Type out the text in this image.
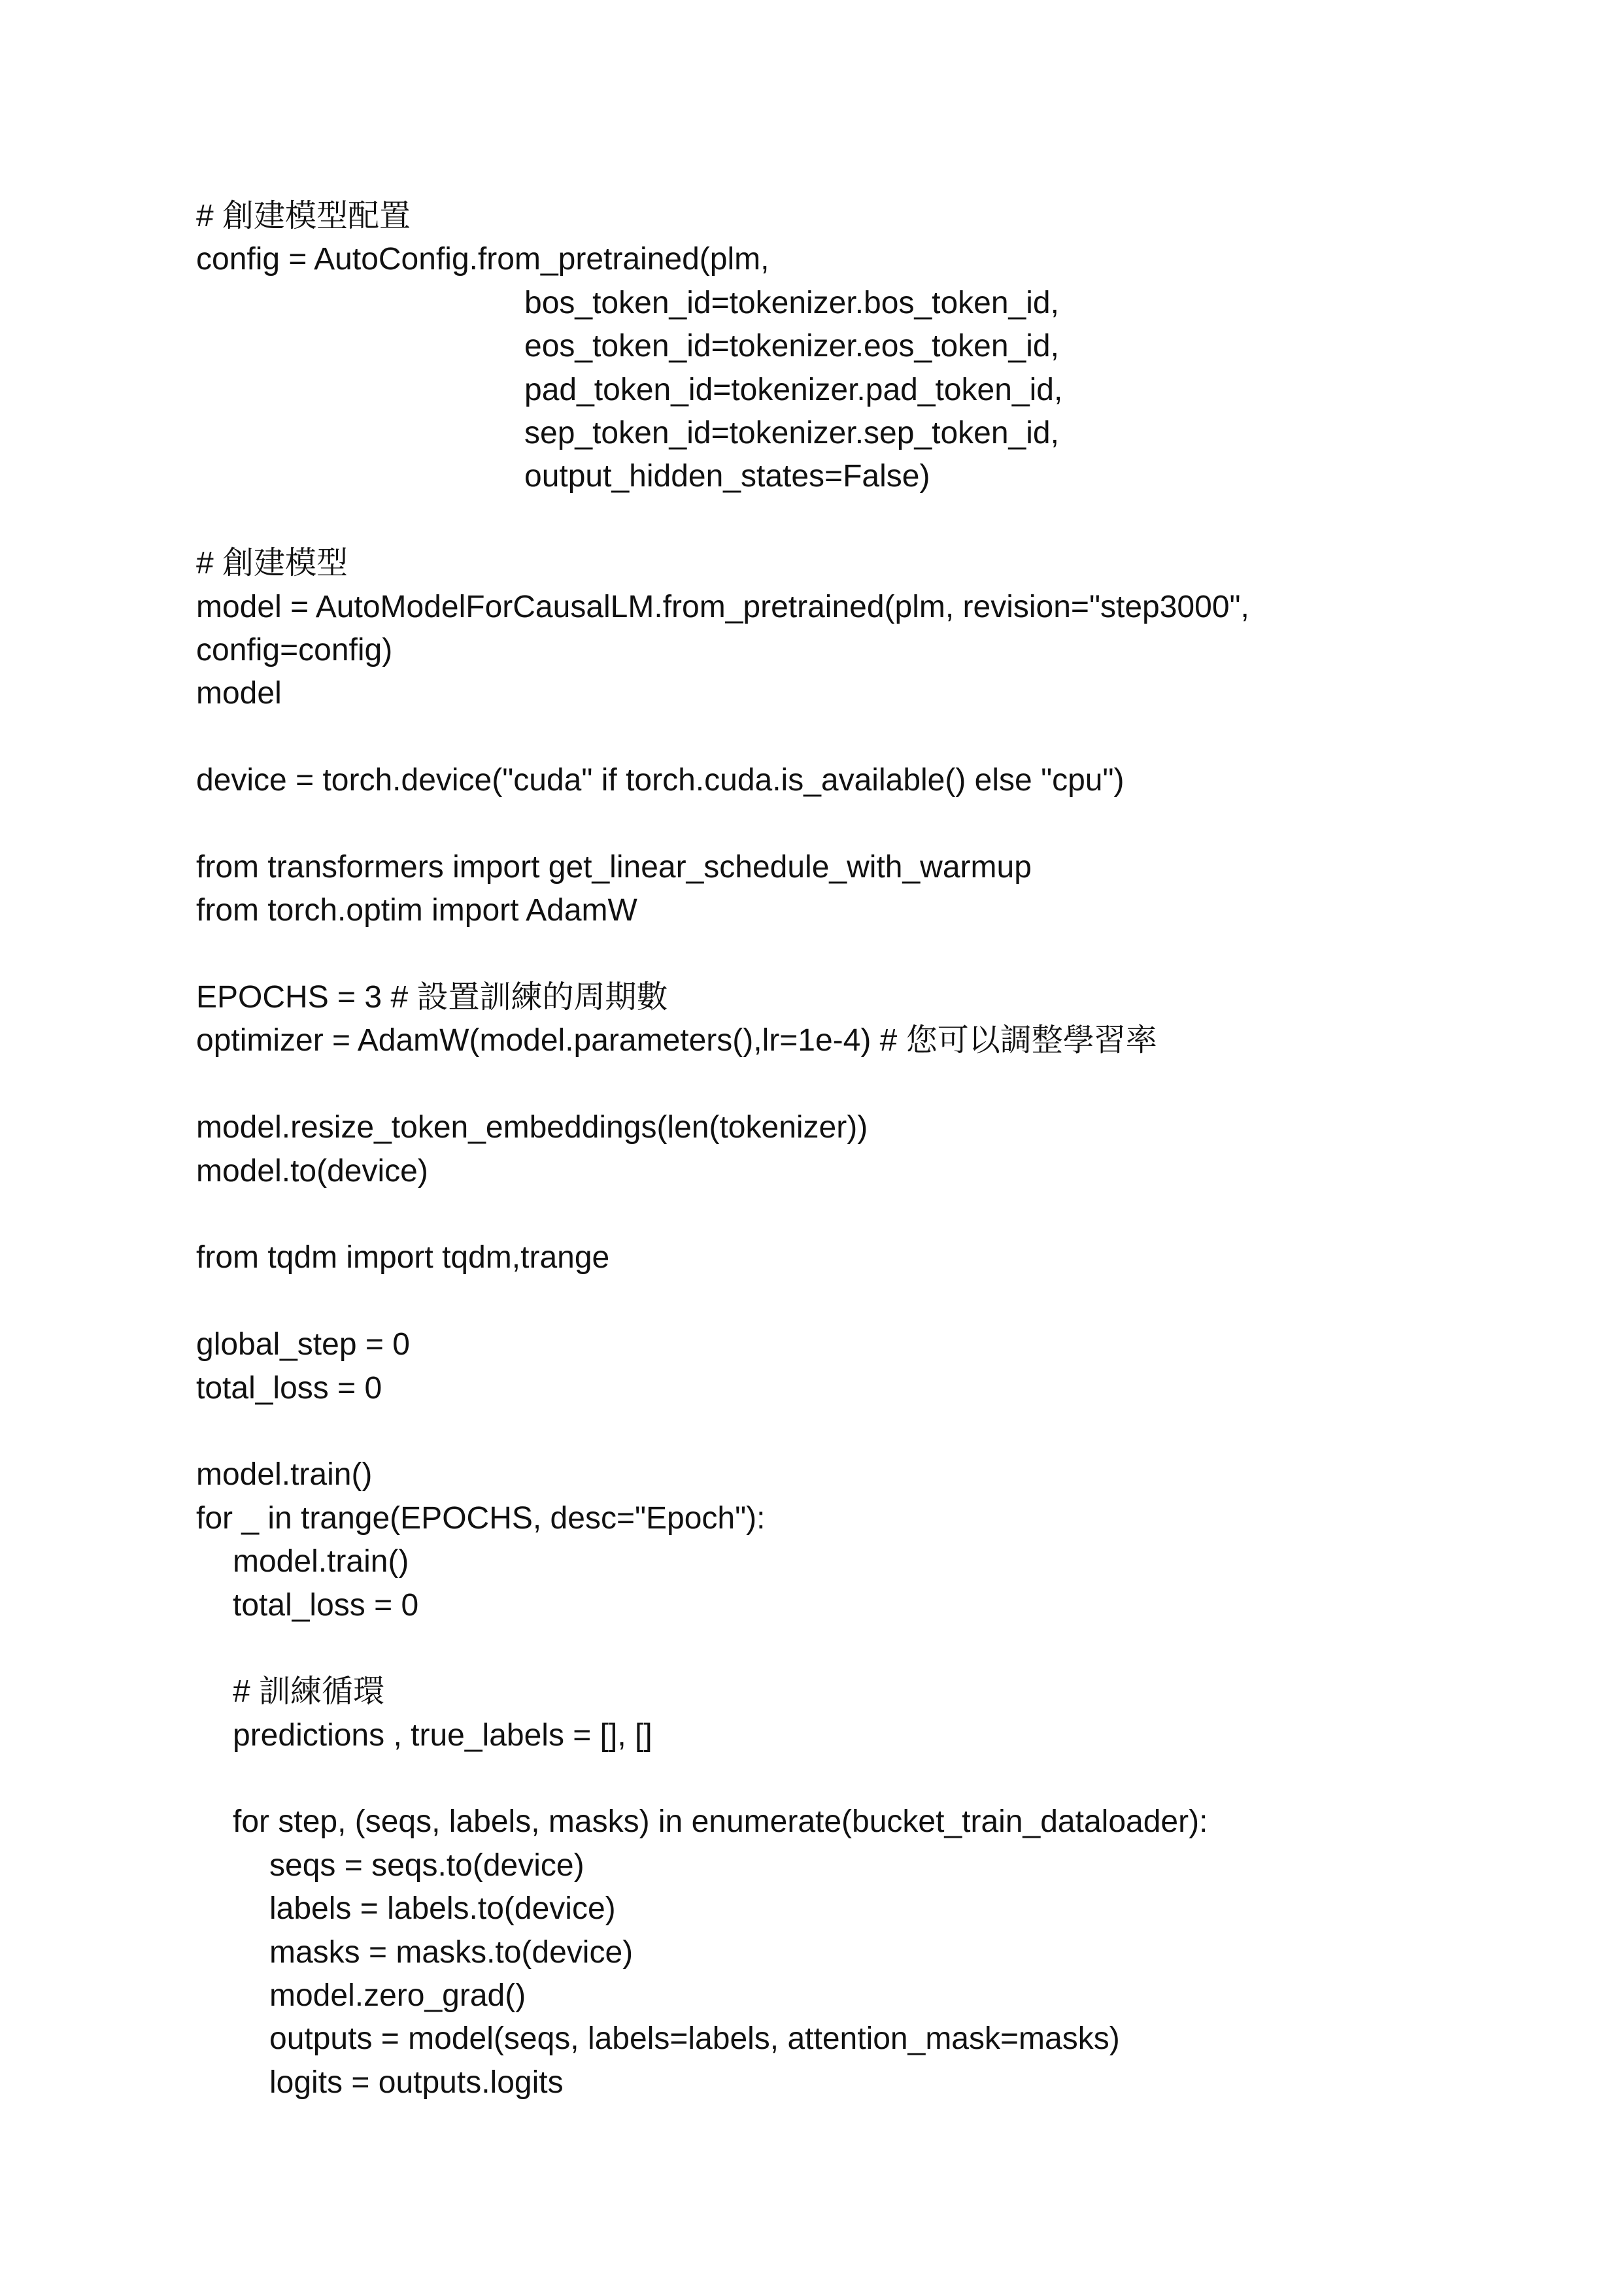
# 創建模型配置
config = AutoConfig.from_pretrained(plm,
bos_token_id=tokenizer.bos_token_id,
eos_token_id=tokenizer.eos_token_id,
pad_token_id=tokenizer.pad_token_id,
sep_token_id=tokenizer.sep_token_id,
output_hidden_states=False)
# 創建模型
model = AutoModelForCausalLM.from_pretrained(plm, revision="step3000",
config=config)
model
device = torch.device("cuda" if torch.cuda.is_available() else "cpu")
from transformers import get_linear_schedule_with_warmup
from torch.optim import AdamW
EPOCHS = 3 # 設置訓練的周期數
optimizer = AdamW(model.parameters(),lr=1e-4) # 您可以調整學習率
model.resize_token_embeddings(len(tokenizer))
model.to(device)
from tqdm import tqdm,trange
global_step = 0
total_loss = 0
model.train()
for _ in trange(EPOCHS, desc="Epoch"):
model.train()
total_loss = 0
# 訓練循環
predictions , true_labels = [], []
for step, (seqs, labels, masks) in enumerate(bucket_train_dataloader):
seqs = seqs.to(device)
labels = labels.to(device)
masks = masks.to(device)
model.zero_grad()
outputs = model(seqs, labels=labels, attention_mask=masks)
logits = outputs.logits
